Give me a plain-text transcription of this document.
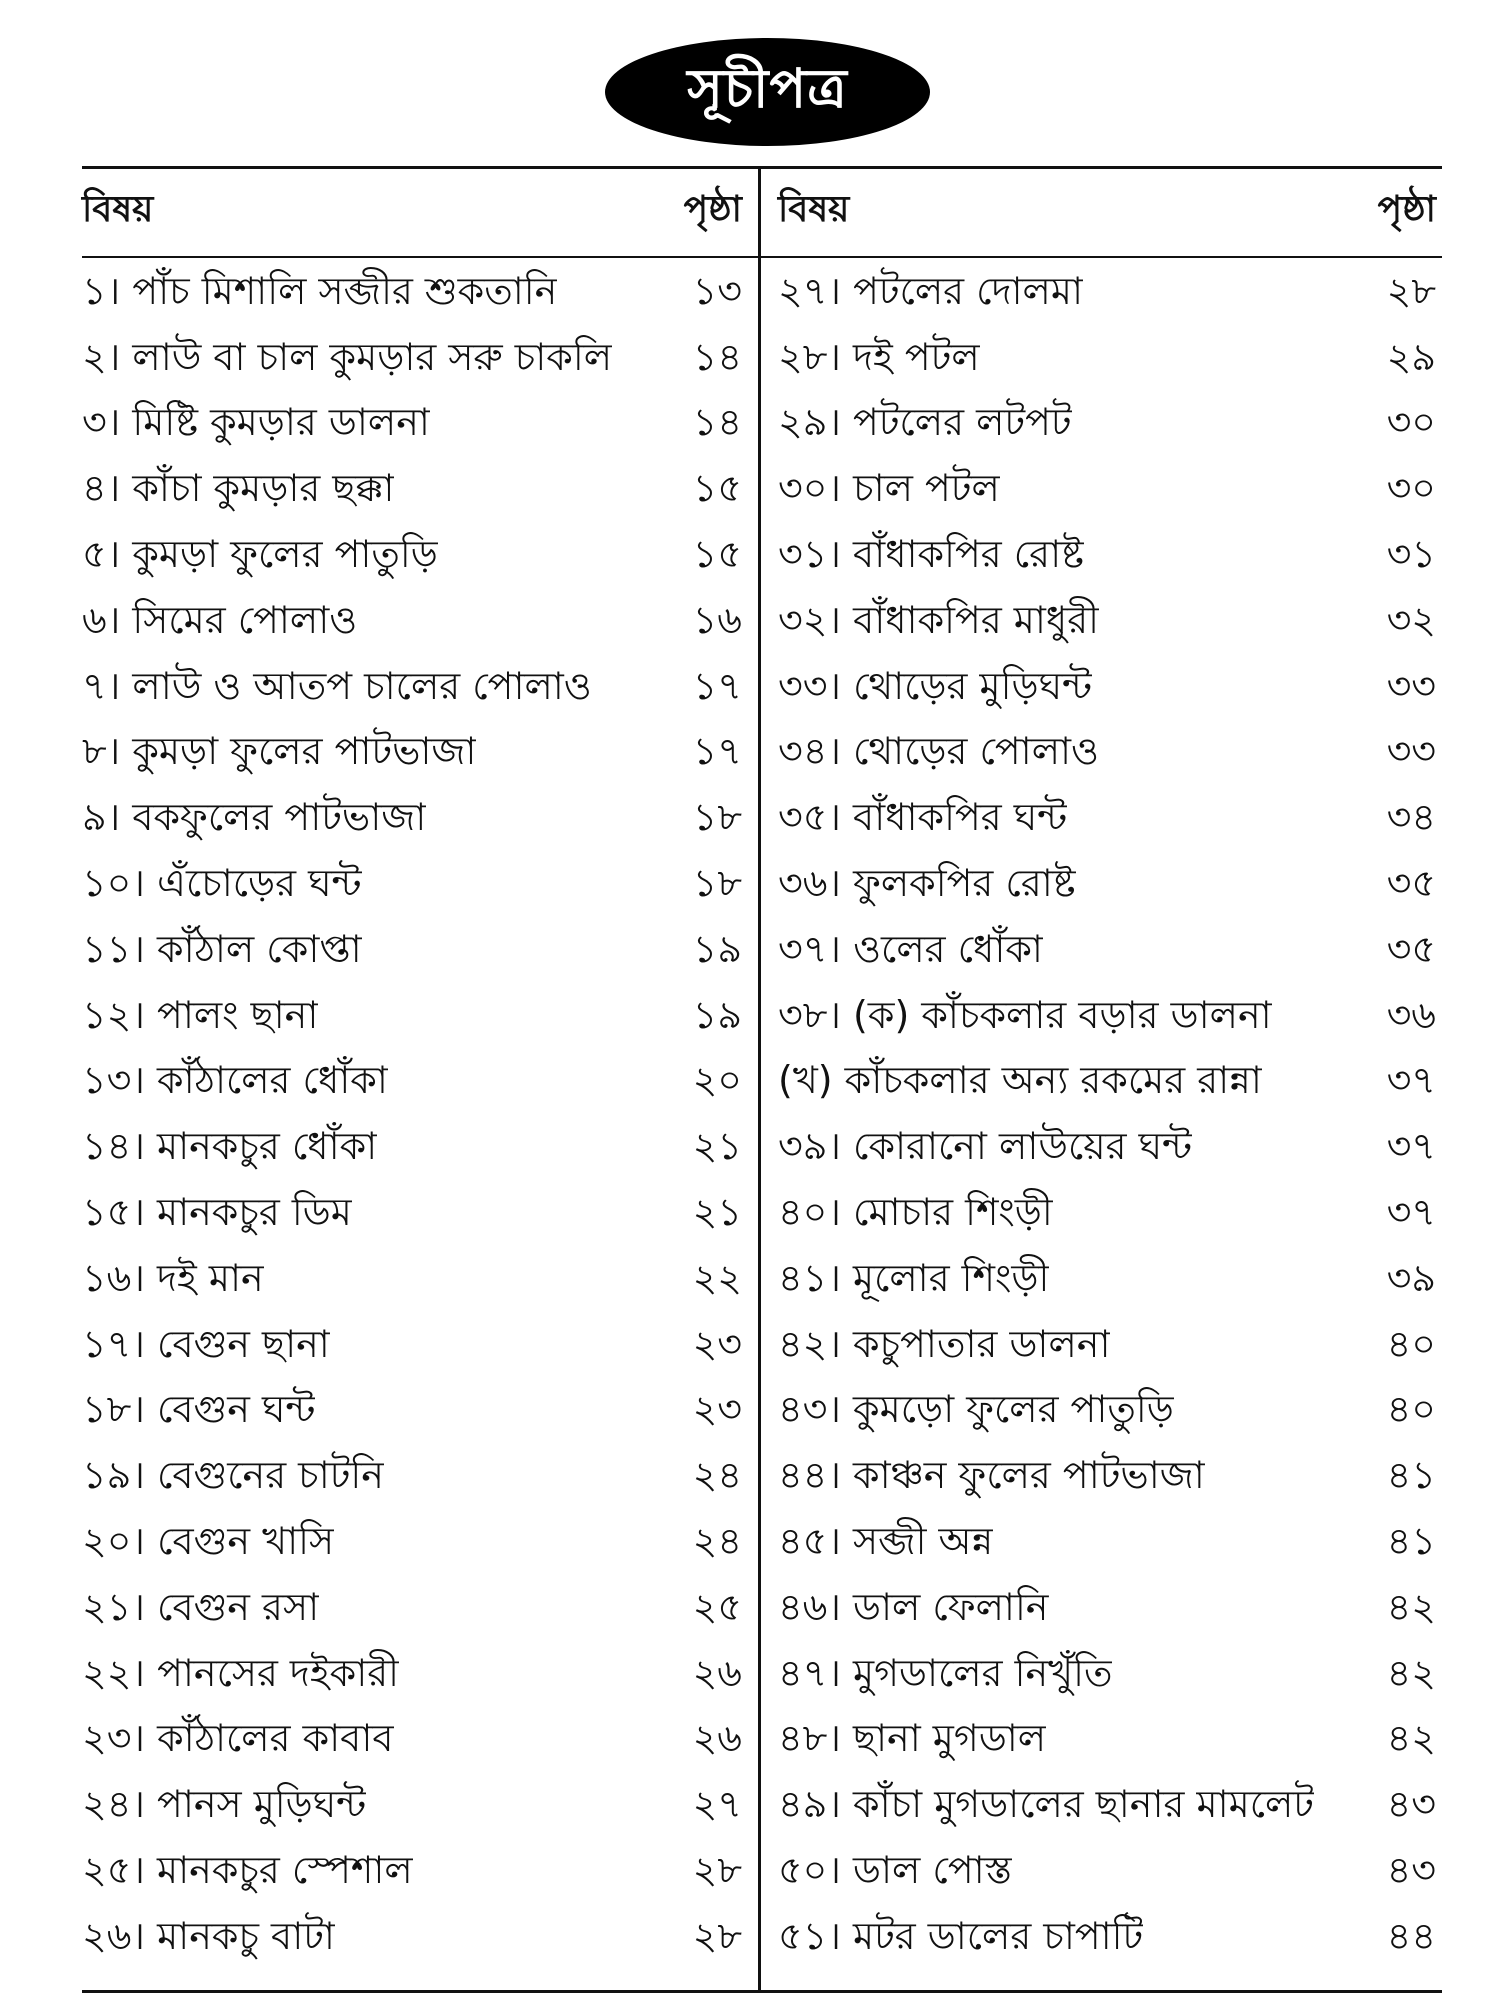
সূচীপত্র
বিষয়	পৃষ্ঠা
১। পাঁচ মিশালি সব্জীর শুকতানি	১৩
২। লাউ বা চাল কুমড়ার সরু চাকলি ১৪
৩। মিষ্টি কুমড়ার ডালনা	১৪
৪। কাঁচা কুমড়ার ছক্কা	১৫
৫। কুমড়া ফুলের পাতুড়ি	১৫
৬। সিমের পোলাও	১৬
৭। লাউ ও আতপ চালের পোলাও	১৭
৮। কুমড়া ফুলের পাটভাজা	১৭
৯। বকফুলের পাটভাজা	১৮
১০। এঁচোড়ের ঘন্ট	১৮
১১। কাঁঠাল কোপ্তা	১৯
১২। পালং ছানা	১৯
১৩। কাঁঠালের ধোঁকা	২০
১৪। মানকচুর ধোঁকা	২১
১৫। মানকচুর ডিম	২১
১৬। দই মান	২২
১৭। বেগুন ছানা	২৩
১৮। বেগুন ঘন্ট	২৩
১৯। বেগুনের চাটনি	২৪
২০। বেগুন খাসি	২৪
২১। বেগুন রসা	২৫
২২। পানসের দইকারী	২৬
২৩। কাঁঠালের কাবাব	২৬
২৪। পানস মুড়িঘন্ট	২৭
২৫। মানকচুর স্পেশাল	২৮
২৬। মানকচু বাটা	২৮
বিষয়	পৃষ্ঠা
২৭। পটলের দোলমা	২৮
২৮। দই পটল	২৯
২৯। পটলের লটপট	৩০
৩০। চাল পটল	৩০
৩১। বাঁধাকপির রোষ্ট	৩১
৩২। বাঁধাকপির মাধুরী	৩২
৩৩। থোড়ের মুড়িঘন্ট	৩৩
৩৪। থোড়ের পোলাও	৩৩
৩৫। বাঁধাকপির ঘন্ট	৩৪
৩৬। ফুলকপির রোষ্ট	৩৫
৩৭। ওলের ধোঁকা	৩৫
৩৮। (ক) কাঁচকলার বড়ার ডালনা	৩৬
(খ) কাঁচকলার অন্য রকমের রান্না	৩৭
৩৯। কোরানো লাউয়ের ঘন্ট	৩৭
৪০। মোচার শিংড়ী	৩৭
৪১। মূলোর শিংড়ী	৩৯
৪২। কচুপাতার ডালনা	৪০
৪৩। কুমড়ো ফুলের পাতুড়ি	৪০
৪৪। কাঞ্চন ফুলের পাটভাজা	৪১
৪৫। সব্জী অন্ন	৪১
৪৬। ডাল ফেলানি	৪২
৪৭। মুগডালের নিখুঁতি	৪২
৪৮। ছানা মুগডাল	৪২
৪৯। কাঁচা মুগডালের ছানার মামলেট ৪৩
৫০। ডাল পোস্ত	৪৩
৫১। মটর ডালের চাপাটি	৪৪
